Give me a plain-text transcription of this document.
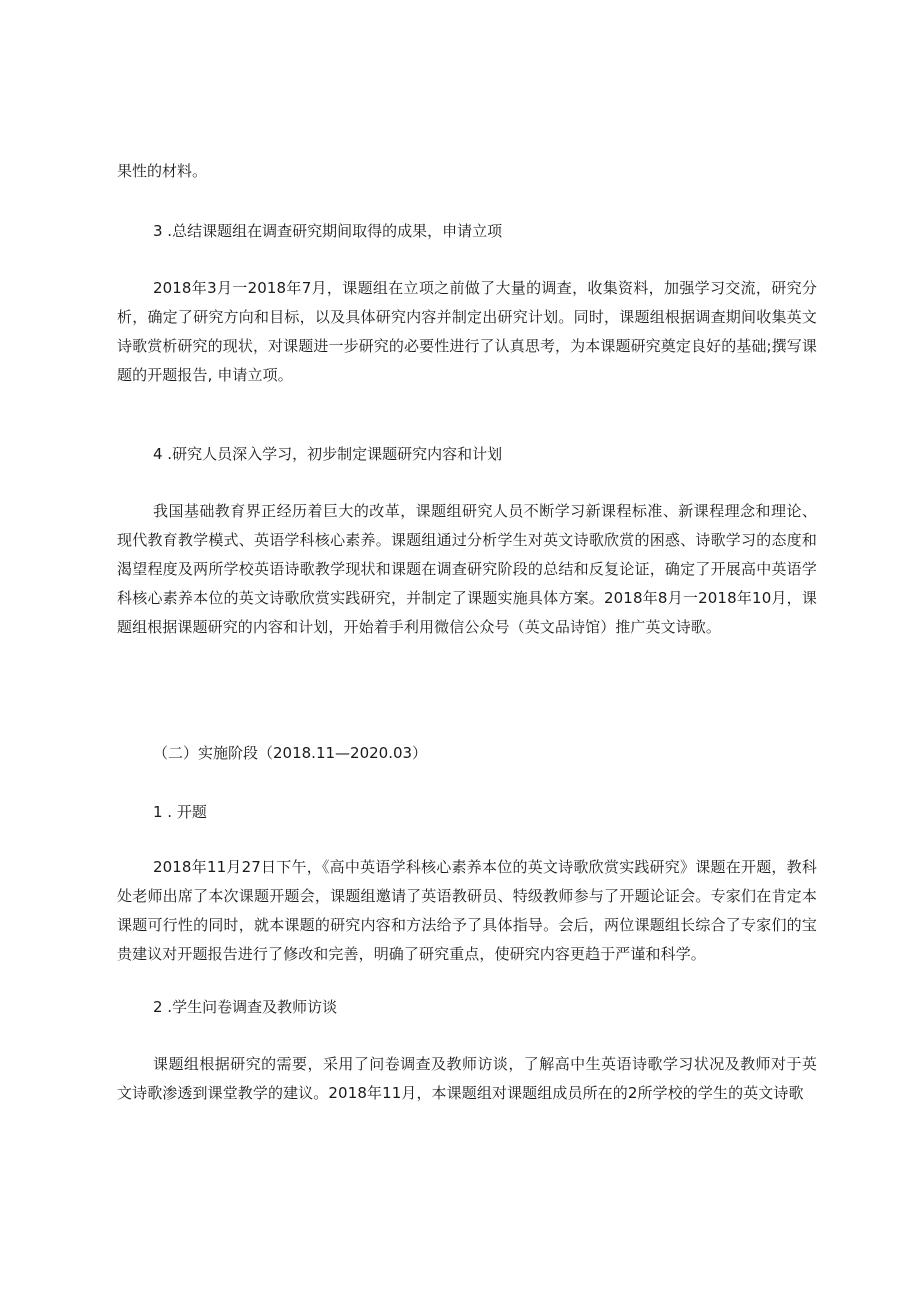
果性的材料。

3 .总结课题组在调查研究期间取得的成果，申请立项

2018年3月一2018年7月，课题组在立项之前做了大量的调查，收集资料，加强学习交流，研究分析，确定了研究方向和目标，以及具体研究内容并制定出研究计划。同时，课题组根据调查期间收集英文诗歌赏析研究的现状，对课题进一步研究的必要性进行了认真思考，为本课题研究奠定良好的基础;撰写课题的开题报告, 申请立项。

4 .研究人员深入学习，初步制定课题研究内容和计划

我国基础教育界正经历着巨大的改革，课题组研究人员不断学习新课程标准、新课程理念和理论、现代教育教学模式、英语学科核心素养。课题组通过分析学生对英文诗歌欣赏的困惑、诗歌学习的态度和渴望程度及两所学校英语诗歌教学现状和课题在调查研究阶段的总结和反复论证，确定了开展高中英语学科核心素养本位的英文诗歌欣赏实践研究，并制定了课题实施具体方案。2018年8月一2018年10月，课题组根据课题研究的内容和计划，开始着手利用微信公众号（英文品诗馆）推广英文诗歌。

（二）实施阶段（2018.11—2020.03）

1 . 开题

2018年11月27日下午，《高中英语学科核心素养本位的英文诗歌欣赏实践研究》课题在开题，教科处老师出席了本次课题开题会，课题组邀请了英语教研员、特级教师参与了开题论证会。专家们在肯定本课题可行性的同时，就本课题的研究内容和方法给予了具体指导。会后，两位课题组长综合了专家们的宝贵建议对开题报告进行了修改和完善，明确了研究重点，使研究内容更趋于严谨和科学。

2 .学生问卷调查及教师访谈

课题组根据研究的需要，采用了问卷调查及教师访谈，了解高中生英语诗歌学习状况及教师对于英文诗歌渗透到课堂教学的建议。2018年11月，本课题组对课题组成员所在的2所学校的学生的英文诗歌
